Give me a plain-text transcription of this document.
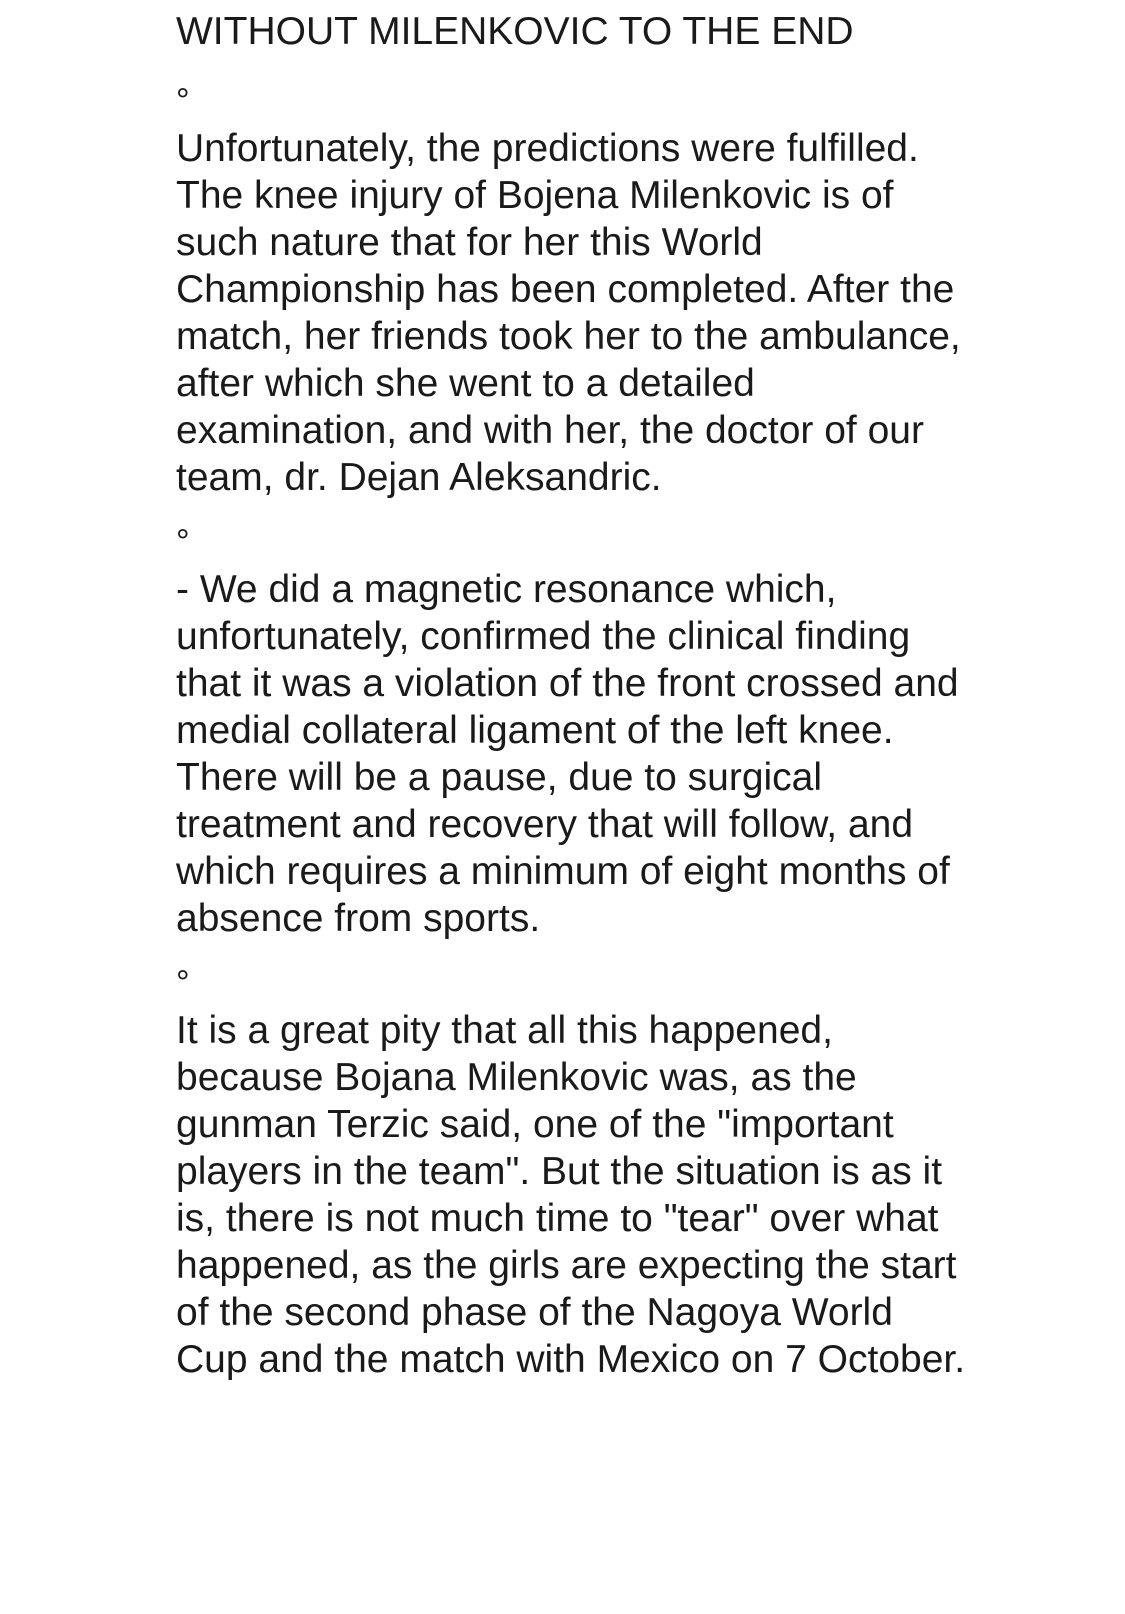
WITHOUT MILENKOVIC TO THE END
°

Unfortunately, the predictions were fulfilled. The knee injury of Bojena Milenkovic is of such nature that for her this World Championship has been completed. After the match, her friends took her to the ambulance, after which she went to a detailed examination, and with her, the doctor of our team, dr. Dejan Aleksandric.

°

- We did a magnetic resonance which, unfortunately, confirmed the clinical finding that it was a violation of the front crossed and medial collateral ligament of the left knee. There will be a pause, due to surgical treatment and recovery that will follow, and which requires a minimum of eight months of absence from sports.

°

It is a great pity that all this happened, because Bojana Milenkovic was, as the gunman Terzic said, one of the "important players in the team". But the situation is as it is, there is not much time to "tear" over what happened, as the girls are expecting the start of the second phase of the Nagoya World Cup and the match with Mexico on 7 October.
